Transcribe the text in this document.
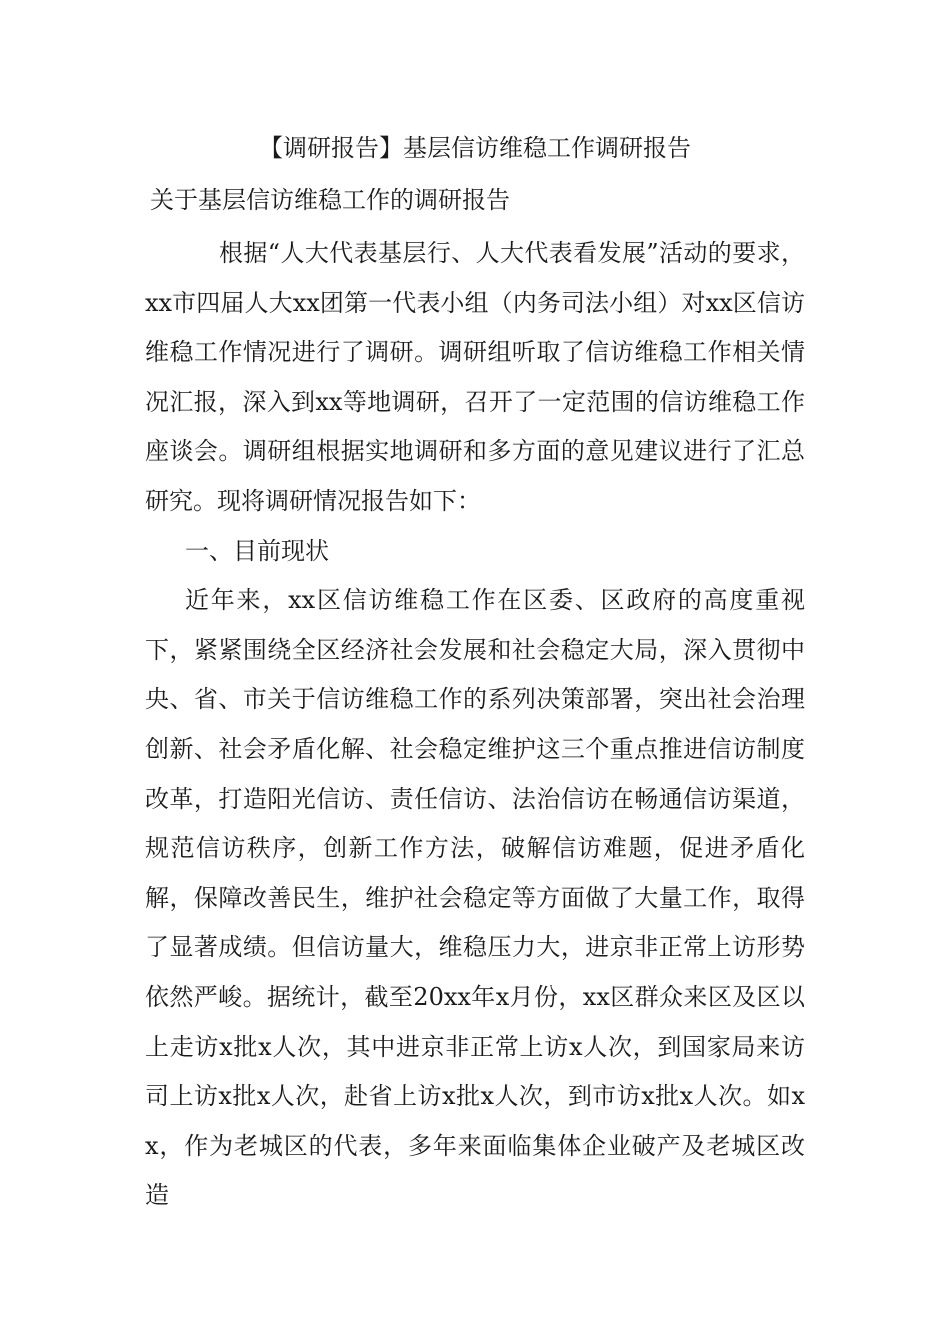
【调研报告】基层信访维稳工作调研报告
关于基层信访维稳工作的调研报告

根据“人大代表基层行、人大代表看发展”活动的要求，xx市四届人大xx团第一代表小组（内务司法小组）对xx区信访维稳工作情况进行了调研。调研组听取了信访维稳工作相关情况汇报，深入到xx等地调研，召开了一定范围的信访维稳工作座谈会。调研组根据实地调研和多方面的意见建议进行了汇总研究。现将调研情况报告如下：

一、目前现状

近年来，xx区信访维稳工作在区委、区政府的高度重视下，紧紧围绕全区经济社会发展和社会稳定大局，深入贯彻中央、省、市关于信访维稳工作的系列决策部署，突出社会治理创新、社会矛盾化解、社会稳定维护这三个重点推进信访制度改革，打造阳光信访、责任信访、法治信访在畅通信访渠道，规范信访秩序，创新工作方法，破解信访难题，促进矛盾化解，保障改善民生，维护社会稳定等方面做了大量工作，取得了显著成绩。但信访量大，维稳压力大，进京非正常上访形势依然严峻。据统计，截至20xx年x月份，xx区群众来区及区以上走访x批x人次，其中进京非正常上访x人次，到国家局来访司上访x批x人次，赴省上访x批x人次，到市访x批x人次。如xx，作为老城区的代表，多年来面临集体企业破产及老城区改造
